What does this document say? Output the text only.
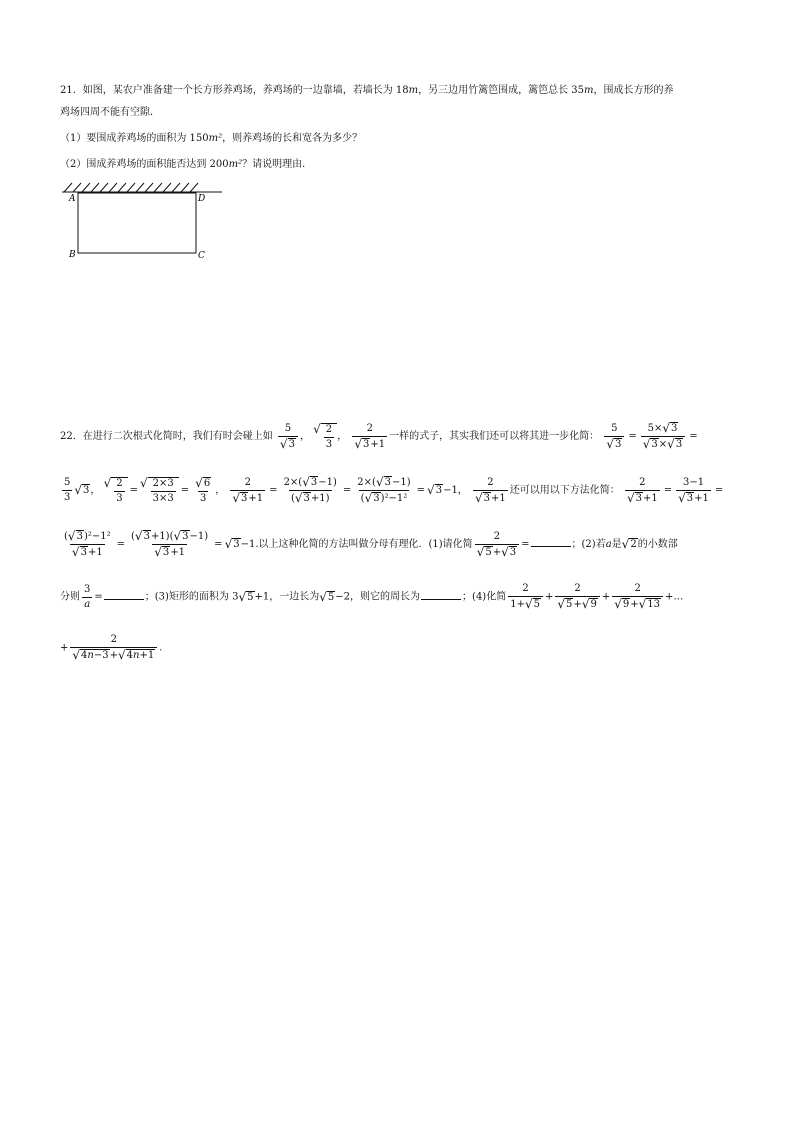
21．如图，某农户准备建一个长方形养鸡场，养鸡场的一边靠墙，若墙长为 18m，另三边用竹篱笆围成，篱笆总长 35m，围成长方形的养
鸡场四周不能有空隙．
（1）要围成养鸡场的面积为 150m²，则养鸡场的长和宽各为多少？
（2）围成养鸡场的面积能否达到 200m²？请说明理由．
A	D
B	C
22．在进行二次根式化简时，我们有时会碰上如 $\frac{5}{√ 3}$ ，
√ $\frac{2}{3}$ ， $\frac{2}{√ 3 +1}$ 一样的式子，其实我们还可以将其进一步化简： $\frac{5}{√ 3} = \frac{5\times √ 3}{√ 3 \times √ 3}$ =
$\frac{5}{3}$ √ 3 ，
√ $\frac{2}{3}$ =
√ $\frac{2\times 3}{3\times 3} = \frac{√ 6}{3}$ ， $\frac{2}{√ 3 +1} = \frac{2\times( √ 3 -1)}{( √ 3 +1)} = \frac{2\times( √ 3 -1)}{\text{( √ 3 )²−1²}}$ = √ 3 −1， $\frac{2}{√ 3 +1}$ 还可以用以下方法化简： $\frac{2}{√ 3 +1} = \frac{3-1}{√ 3 +1}$ =
$\frac{\text{( √ 3 )²−1²}}{√ 3 +1} = \frac{( √ 3 +1)( √ 3 -1)}{√ 3 +1}$ = √ 3 −1.以上这种化简的方法叫做分母有理化．(1)请化简 $\frac{2}{√ 5 + √ 3}$ =	；(2)若a是 √ 2 的小数部
分则 $\frac{3}{a}$ =	；(3)矩形的面积为 3 √ 5 +1，一边长为 √ 5 −2，则它的周长为	；(4)化简 $\frac{2}{1+ √ 5} + \frac{2}{√ 5 + √ 9} + \frac{2}{√ 9 + √ 13}$ +…
+ $\frac{2}{√ 4n-3 + √ 4n+1}$ .
